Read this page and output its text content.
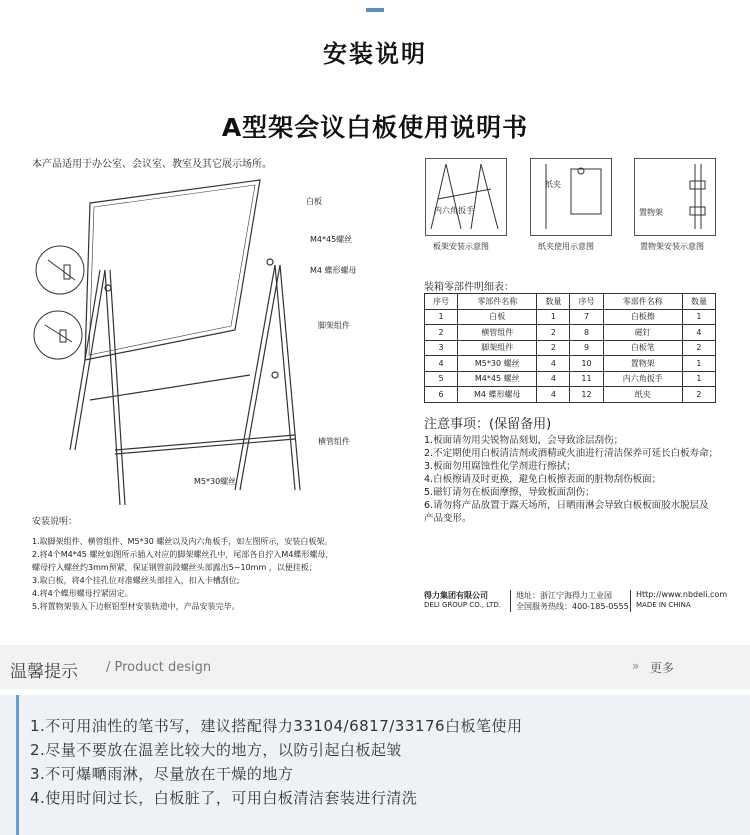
安装说明
A型架会议白板使用说明书
本产品适用于办公室、会议室、教室及其它展示场所。
白板
M4*45螺丝
M4 蝶形螺母
脚架组件
横管组件
M5*30螺丝
安装说明：
1.取脚架组件、横管组件、M5*30 螺丝以及内六角板手，如左图所示，安装白板架。
2.将4个M4*45 螺丝如图所示插入对应的脚架螺丝孔中，尾部各自拧入M4蝶形螺母，
螺母拧入螺丝约3mm预紧，保证钢管前段螺丝头部露出5~10mm ，以便挂板；
3.取白板，将4个挂孔位对准螺丝头部挂入，扣入卡槽刮位;
4.将4个蝶形螺母拧紧固定。
5.将置物架装入下边框铝型材安装轨道中，产品安装完毕。
内六角扳手
板架安装示意图
纸夹
纸夹使用示意图
置物架
置物架安装示意图
装箱零部件明细表：
序号	零部件名称	数量	序号	零部件名称	数量
1	白板	1	7	白板擦	1
2	横管组件	2	8	磁钉	4
3	脚架组件	2	9	白板笔	2
4	M5*30 螺丝	4	10	置物架	1
5	M4*45 螺丝	4	11	内六角扳手	1
6	M4 蝶形螺母	4	12	纸夹	2
注意事项：(保留备用)
1.板面请勿用尖锐物品刻划，会导致涂层刮伤；
2.不定期使用白板清洁剂或酒精或火油进行清洁保养可延长白板寿命；
3.板面勿用腐蚀性化学剂进行擦拭；
4.白板擦请及时更换，避免白板擦表面的脏物刮伤板面；
5.磁钉请勿在板面摩擦，导致板面刮伤；
6.请勿将产品放置于露天场所，日晒雨淋会导致白板板面胶水脱层及
产品变形。
得力集团有限公司
DELI GROUP CO., LTD.
地址：浙江宁海得力工业园
全国服务热线：400-185-0555
Http://www.nbdeli.com
MADE IN CHINA
温馨提示 / Product design	» 更多
1.不可用油性的笔书写，建议搭配得力33104/6817/33176白板笔使用
2.尽量不要放在温差比较大的地方，以防引起白板起皱
3.不可爆嗮雨淋，尽量放在干燥的地方
4.使用时间过长，白板脏了，可用白板清洁套装进行清洗
